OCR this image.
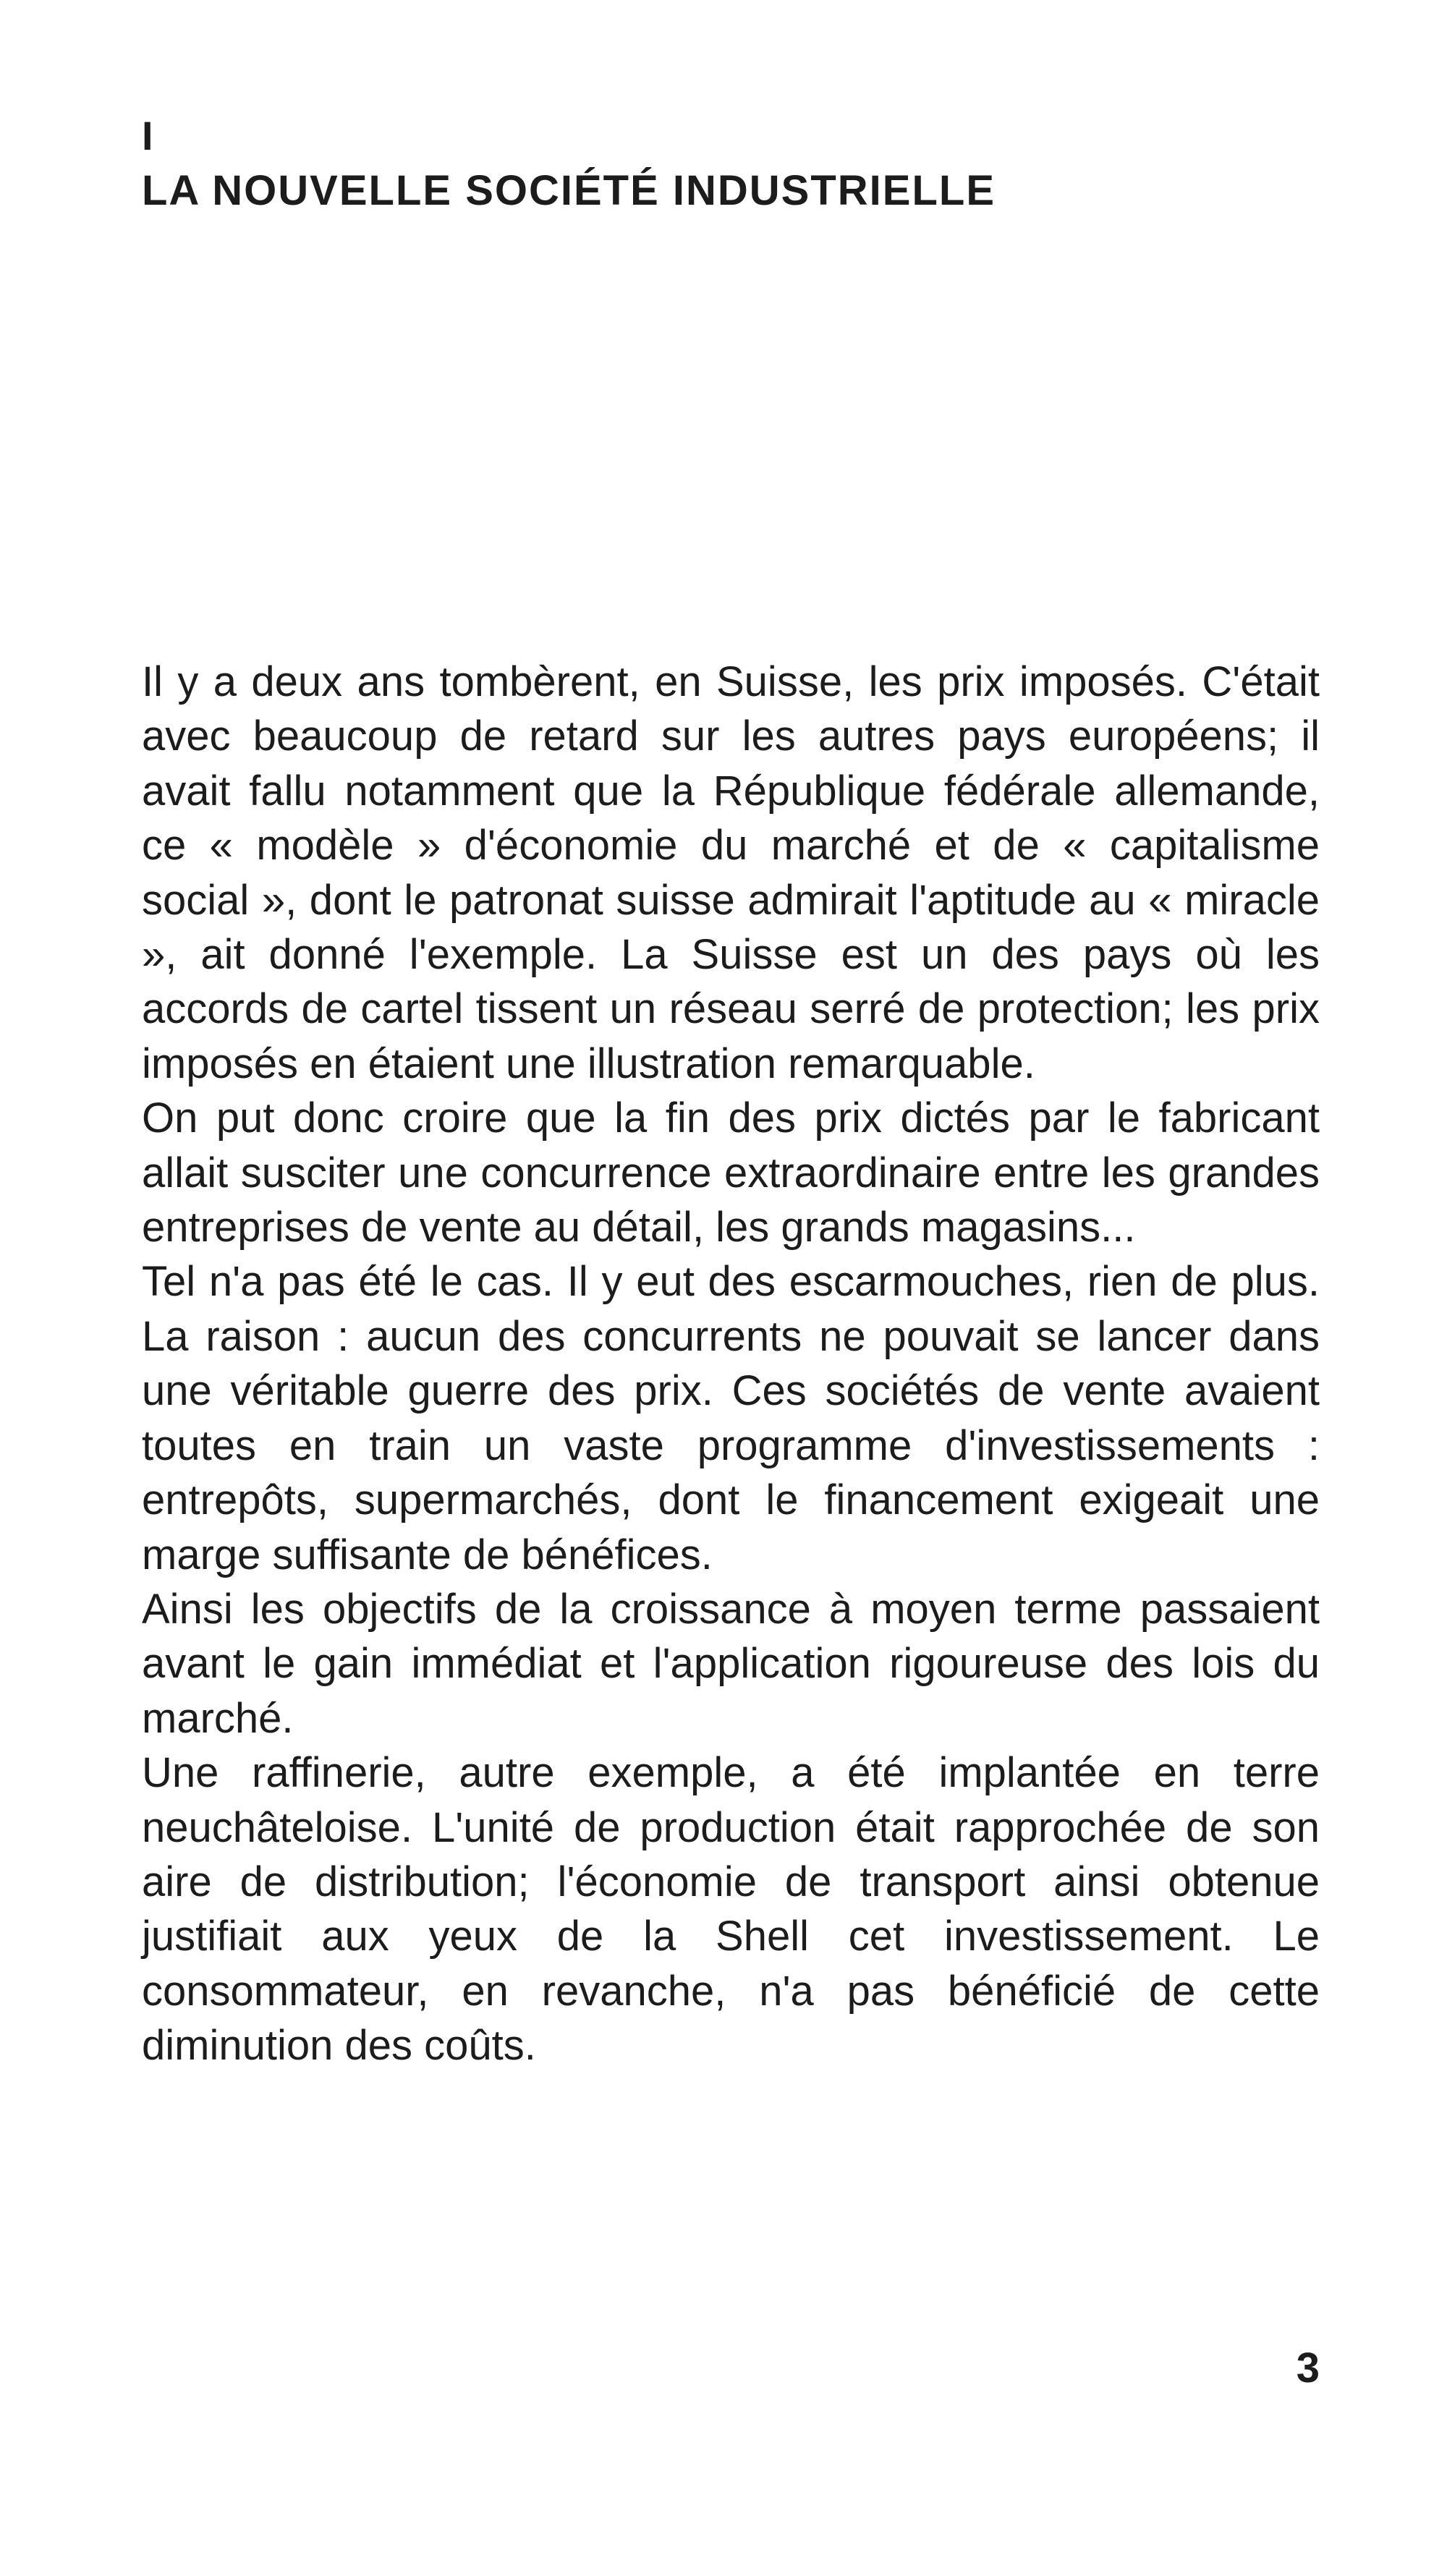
I
LA NOUVELLE SOCIÉTÉ INDUSTRIELLE

Il y a deux ans tombèrent, en Suisse, les prix imposés. C'était avec beaucoup de retard sur les autres pays européens; il avait fallu notamment que la République fédérale allemande, ce « modèle » d'économie du marché et de « capitalisme social », dont le patronat suisse admirait l'aptitude au « miracle », ait donné l'exemple. La Suisse est un des pays où les accords de cartel tissent un réseau serré de protection; les prix imposés en étaient une illustration remarquable.

On put donc croire que la fin des prix dictés par le fabricant allait susciter une concurrence extraordinaire entre les grandes entreprises de vente au détail, les grands magasins...

Tel n'a pas été le cas. Il y eut des escarmouches, rien de plus. La raison : aucun des concurrents ne pouvait se lancer dans une véritable guerre des prix. Ces sociétés de vente avaient toutes en train un vaste programme d'investissements : entrepôts, supermarchés, dont le financement exigeait une marge suffisante de bénéfices.

Ainsi les objectifs de la croissance à moyen terme passaient avant le gain immédiat et l'application rigoureuse des lois du marché.

Une raffinerie, autre exemple, a été implantée en terre neuchâteloise. L'unité de production était rapprochée de son aire de distribution; l'économie de transport ainsi obtenue justifiait aux yeux de la Shell cet investissement. Le consommateur, en revanche, n'a pas bénéficié de cette diminution des coûts.

3
